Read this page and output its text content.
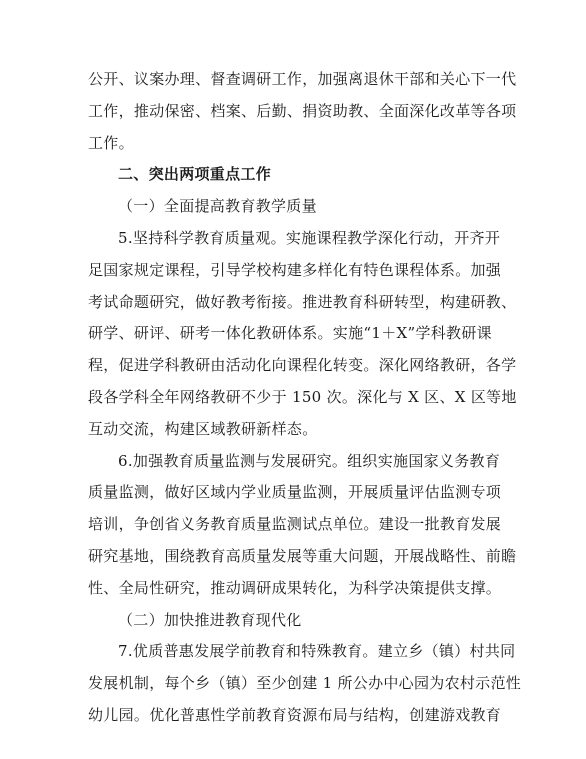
公开、议案办理、督查调研工作，加强离退休干部和关心下一代
工作，推动保密、档案、后勤、捐资助教、全面深化改革等各项
工作。
二、突出两项重点工作
（一）全面提高教育教学质量
5.坚持科学教育质量观。实施课程教学深化行动，开齐开
足国家规定课程，引导学校构建多样化有特色课程体系。加强
考试命题研究，做好教考衔接。推进教育科研转型，构建研教、
研学、研评、研考一体化教研体系。实施“1＋X”学科教研课
程，促进学科教研由活动化向课程化转变。深化网络教研，各学
段各学科全年网络教研不少于 150 次。深化与 X 区、X 区等地
互动交流，构建区域教研新样态。
6.加强教育质量监测与发展研究。组织实施国家义务教育
质量监测，做好区域内学业质量监测，开展质量评估监测专项
培训，争创省义务教育质量监测试点单位。建设一批教育发展
研究基地，围绕教育高质量发展等重大问题，开展战略性、前瞻
性、全局性研究，推动调研成果转化，为科学决策提供支撑。
（二）加快推进教育现代化
7.优质普惠发展学前教育和特殊教育。建立乡（镇）村共同
发展机制，每个乡（镇）至少创建 1 所公办中心园为农村示范性
幼儿园。优化普惠性学前教育资源布局与结构，创建游戏教育
